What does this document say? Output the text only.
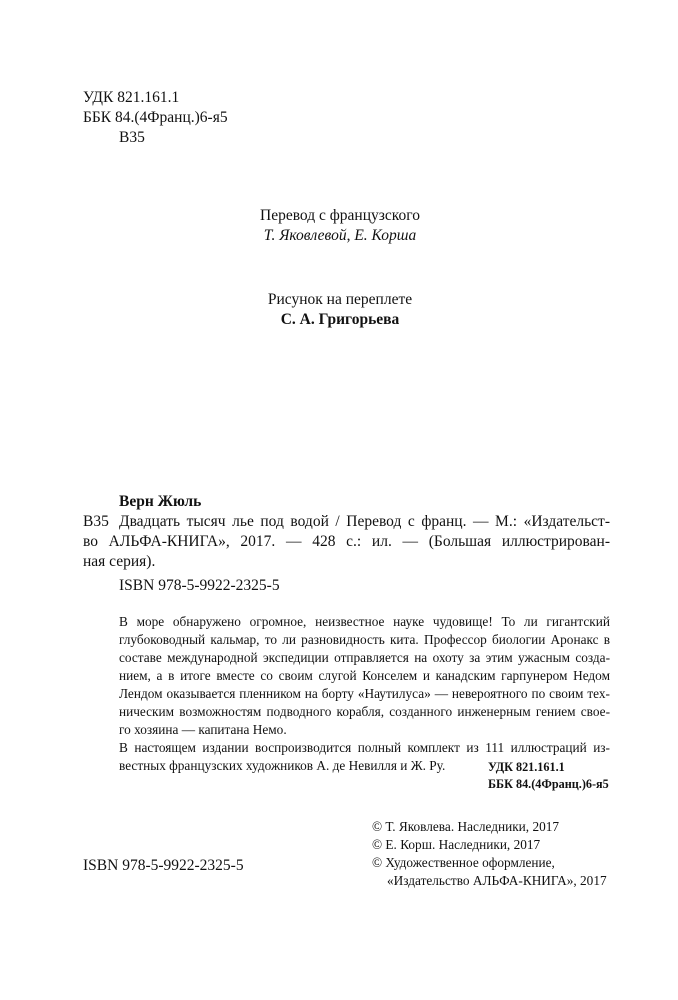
УДК 821.161.1
ББК 84.(4Франц.)6-я5
В35
Перевод с французского
Т. Яковлевой, Е. Корша
Рисунок на переплете
С. А. Григорьева
Верн Жюль
В35 Двадцать тысяч лье под водой / Перевод с франц. — М.: «Издательст-
во АЛЬФА-КНИГА», 2017. — 428 с.: ил. — (Большая иллюстрирован-
ная серия).
ISBN 978-5-9922-2325-5
В море обнаружено огромное, неизвестное науке чудовище! То ли гигантский
глубоководный кальмар, то ли разновидность кита. Профессор биологии Аронакс в
составе международной экспедиции отправляется на охоту за этим ужасным созда-
нием, а в итоге вместе со своим слугой Конселем и канадским гарпунером Недом
Лендом оказывается пленником на борту «Наутилуса» — невероятного по своим тех-
ническим возможностям подводного корабля, созданного инженерным гением свое-
го хозяина — капитана Немо.
В настоящем издании воспроизводится полный комплект из 111 иллюстраций из-
вестных французских художников А. де Невилля и Ж. Ру.	УДК 821.161.1
ББК 84.(4Франц.)6-я5
© Т. Яковлева. Наследники, 2017
© Е. Корш. Наследники, 2017
© Художественное оформление,
«Издательство АЛЬФА-КНИГА», 2017
ISBN 978-5-9922-2325-5
